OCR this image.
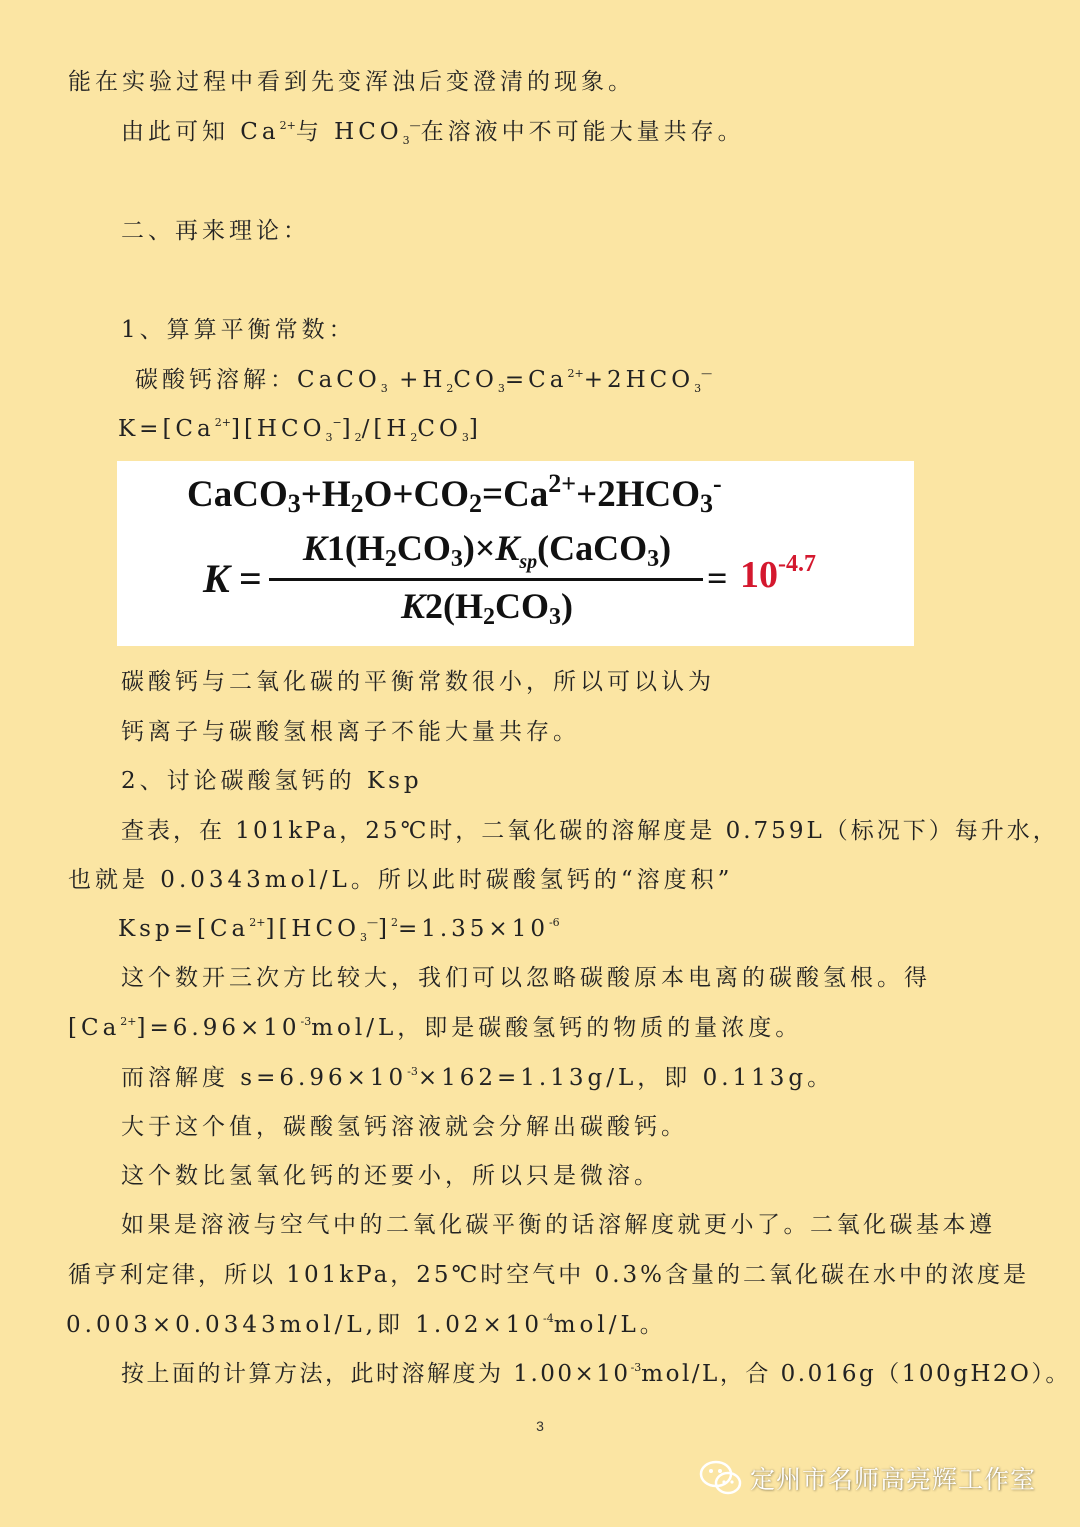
能在实验过程中看到先变浑浊后变澄清的现象。
由此可知 $Ca^{2+}$与 $HCO_3^—$在溶液中不可能大量共存。
二、再来理论：
1、算算平衡常数：
碳酸钙溶解：CaCO$_3$ $+H_2CO_3=Ca^{2+}+2HCO_3^—$
$K=[Ca^{2+}][HCO_3^-]_2/[H_2CO_3]$
$CaCO3+H2O+CO2=Ca^{2+}+2HCO3^-$
K =
$K1(H2CO3)\times K_{sp}(CaCO3)$
K2(H2CO3)
= $10^{-4.7}$
碳酸钙与二氧化碳的平衡常数很小，所以可以认为
钙离子与碳酸氢根离子不能大量共存。
2、讨论碳酸氢钙的 Ksp
查表，在 101kPa，25℃时，二氧化碳的溶解度是 0.759L（标况下）每升水，
也就是 0.0343mol/L。所以此时碳酸氢钙的“溶度积”
$Ksp=[Ca^{2+}][HCO_3^—]^2=1.35\times 10^{-6}$
这个数开三次方比较大，我们可以忽略碳酸原本电离的碳酸氢根。得
$[Ca^{2+}]=6.96\times 10^{-3}mol/L$，即是碳酸氢钙的物质的量浓度。
而溶解度 $s=6.96\times 10^{-3}\times 162=1.13g/L$，即 0.113g。
大于这个值，碳酸氢钙溶液就会分解出碳酸钙。
这个数比氢氧化钙的还要小，所以只是微溶。
如果是溶液与空气中的二氧化碳平衡的话溶解度就更小了。二氧化碳基本遵
循亨利定律，所以 101kPa，25℃时空气中 0.3%含量的二氧化碳在水中的浓度是
0.003×0.0343mol/L,即 $1.02\times 10^{-4}mol/L$。
按上面的计算方法，此时溶解度为 $1.00\times 10^{-3}mol/L$，合 0.016g（100gH2O）。
3
定州市名师高亮辉工作室
